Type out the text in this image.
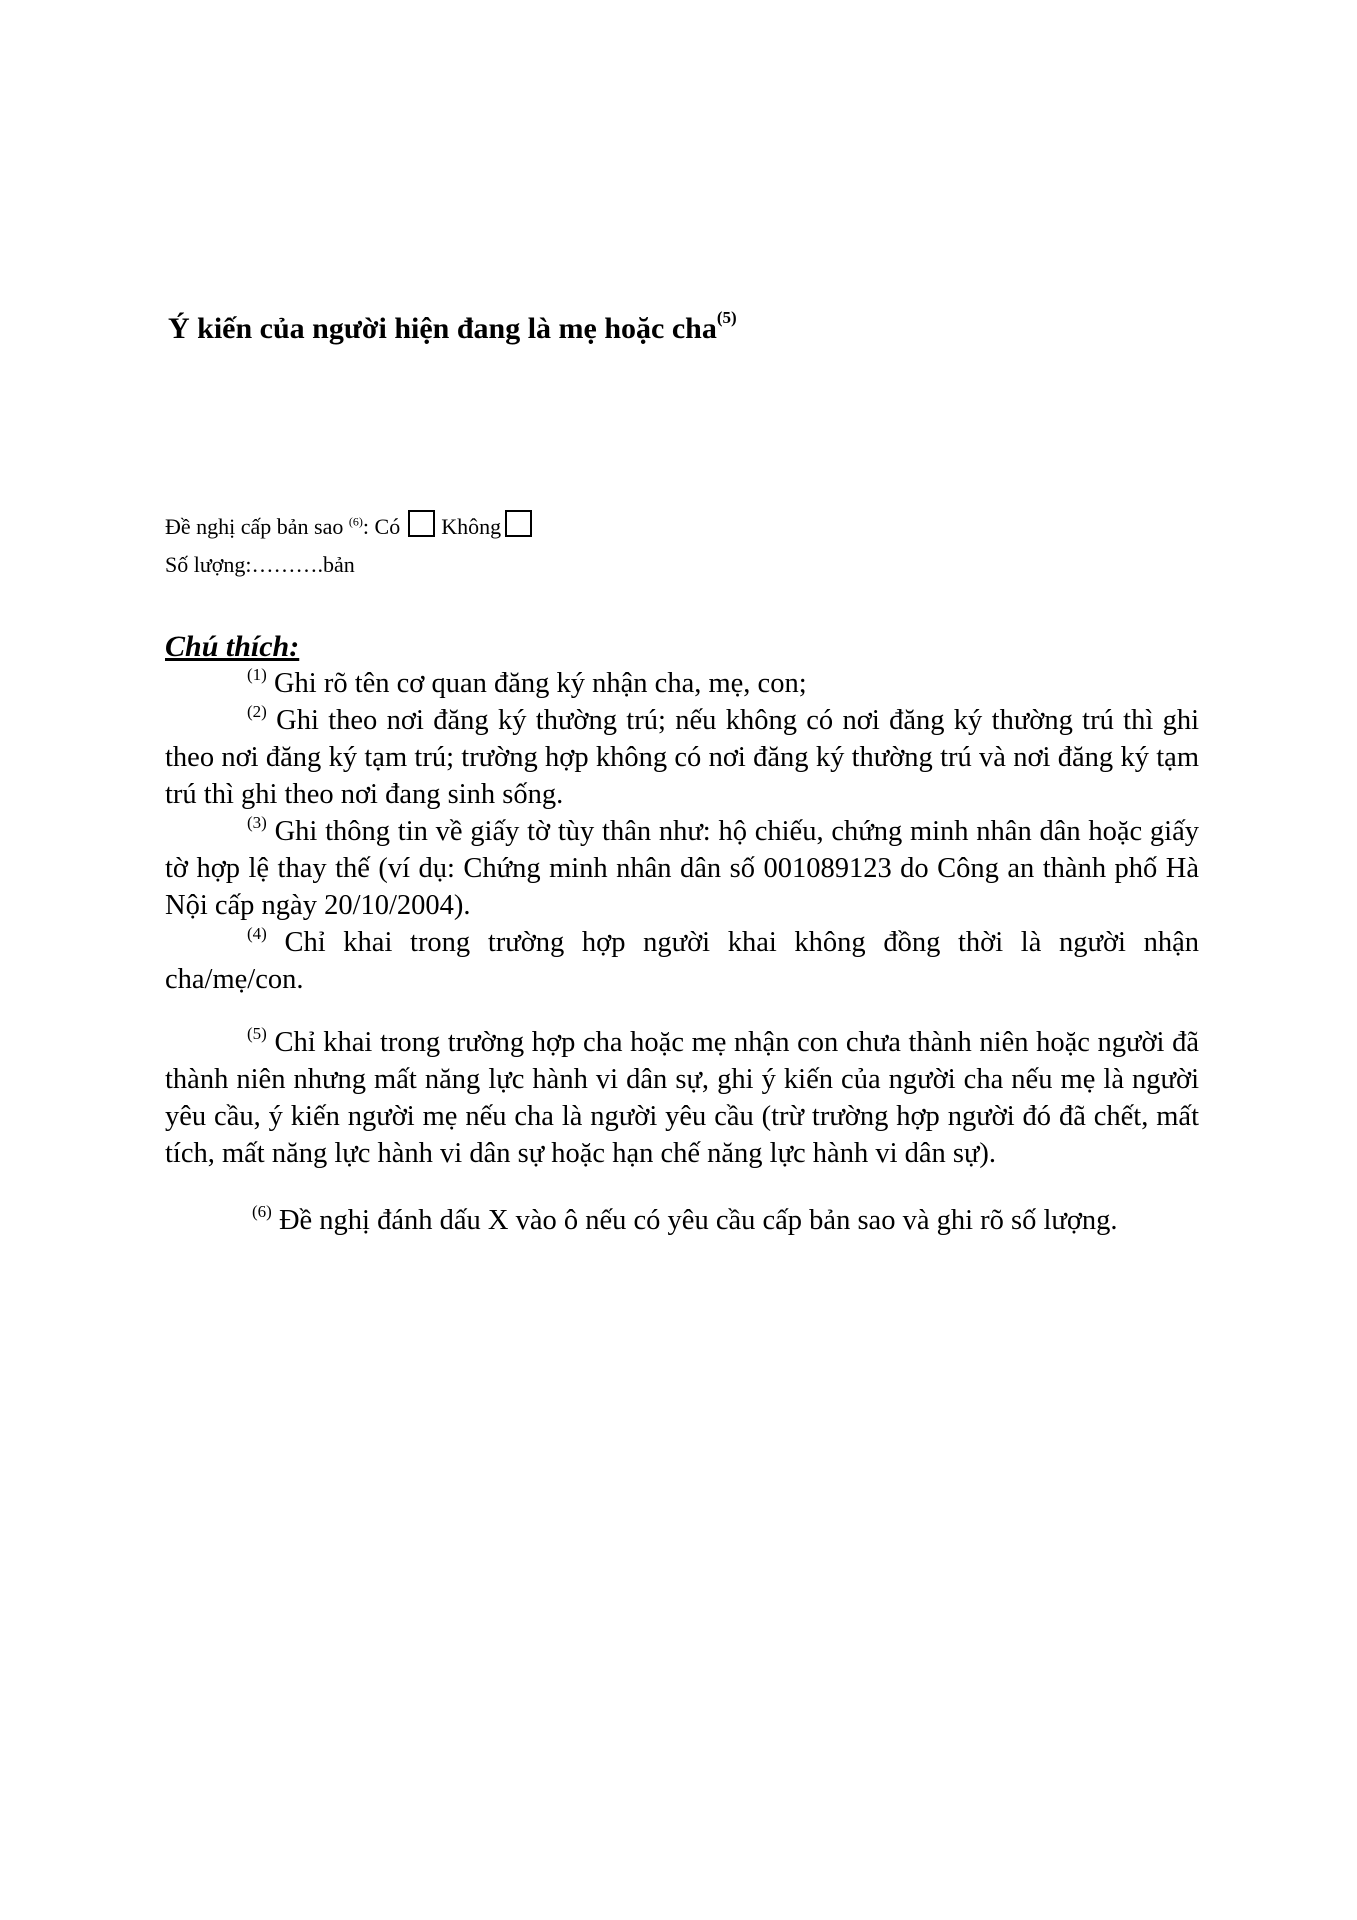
Ý kiến của người hiện đang là mẹ hoặc cha$^{(5)}$
Đề nghị cấp bản sao $^{(6)}$: Có Không
Số lượng:……….bản
Chú thích:

$^{(1)}$ Ghi rõ tên cơ quan đăng ký nhận cha, mẹ, con;

$^{(2)}$ Ghi theo nơi đăng ký thường trú; nếu không có nơi đăng ký thường trú thì ghi theo nơi đăng ký tạm trú; trường hợp không có nơi đăng ký thường trú và nơi đăng ký tạm trú thì ghi theo nơi đang sinh sống.

$^{(3)}$ Ghi thông tin về giấy tờ tùy thân như: hộ chiếu, chứng minh nhân dân hoặc giấy tờ hợp lệ thay thế (ví dụ: Chứng minh nhân dân số 001089123 do Công an thành phố Hà Nội cấp ngày 20/10/2004).

$^{(4)}$ Chỉ khai trong trường hợp người khai không đồng thời là người nhận cha/mẹ/con.

$^{(5)}$ Chỉ khai trong trường hợp cha hoặc mẹ nhận con chưa thành niên hoặc người đã thành niên nhưng mất năng lực hành vi dân sự, ghi ý kiến của người cha nếu mẹ là người yêu cầu, ý kiến người mẹ nếu cha là người yêu cầu (trừ trường hợp người đó đã chết, mất tích, mất năng lực hành vi dân sự hoặc hạn chế năng lực hành vi dân sự).

$^{(6)}$ Đề nghị đánh dấu X vào ô nếu có yêu cầu cấp bản sao và ghi rõ số lượng.
